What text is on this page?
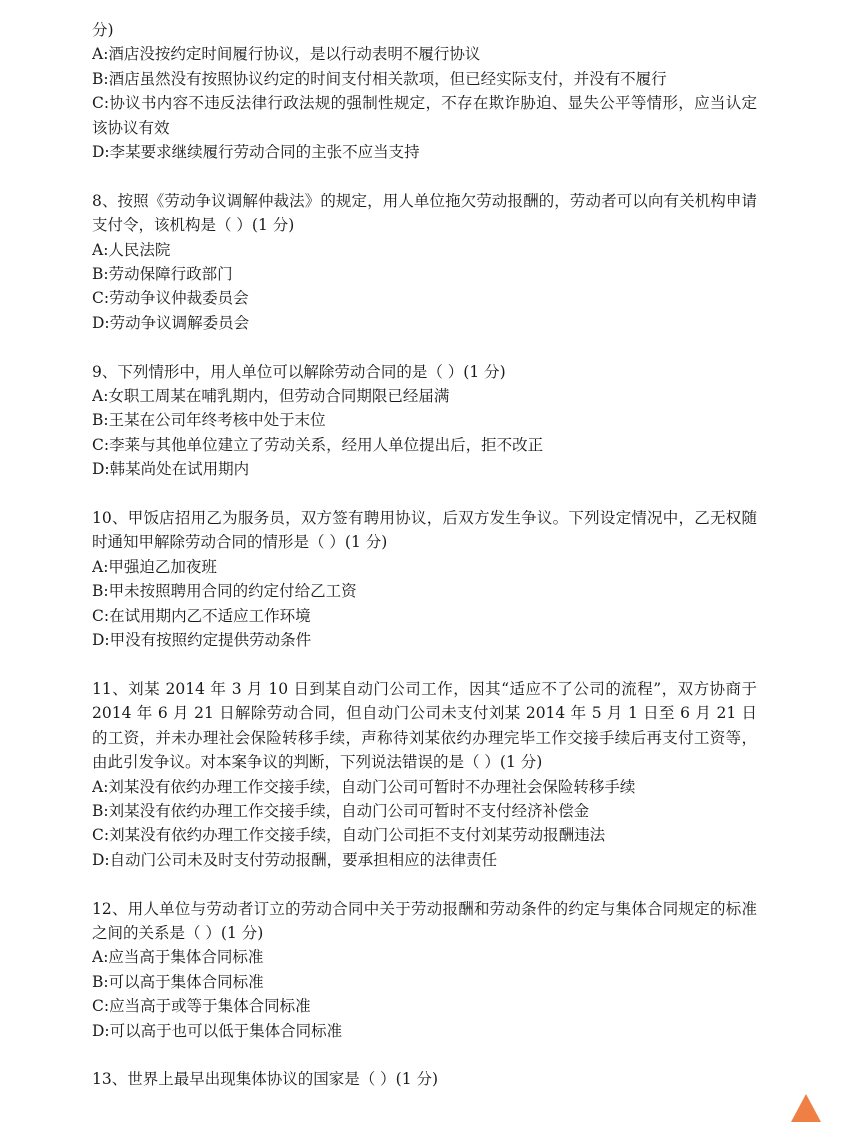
分)
A:酒店没按约定时间履行协议，是以行动表明不履行协议
B:酒店虽然没有按照协议约定的时间支付相关款项，但已经实际支付，并没有不履行
C:协议书内容不违反法律行政法规的强制性规定，不存在欺诈胁迫、显失公平等情形，应当认定该协议有效
D:李某要求继续履行劳动合同的主张不应当支持
8、按照《劳动争议调解仲裁法》的规定，用人单位拖欠劳动报酬的，劳动者可以向有关机构申请支付令，该机构是（ ）(1 分)
A:人民法院
B:劳动保障行政部门
C:劳动争议仲裁委员会
D:劳动争议调解委员会
9、下列情形中，用人单位可以解除劳动合同的是（ ）(1 分)
A:女职工周某在哺乳期内，但劳动合同期限已经届满
B:王某在公司年终考核中处于末位
C:李莱与其他单位建立了劳动关系，经用人单位提出后，拒不改正
D:韩某尚处在试用期内
10、甲饭店招用乙为服务员，双方签有聘用协议，后双方发生争议。下列设定情况中，乙无权随时通知甲解除劳动合同的情形是（ ）(1 分)
A:甲强迫乙加夜班
B:甲未按照聘用合同的约定付给乙工资
C:在试用期内乙不适应工作环境
D:甲没有按照约定提供劳动条件
11、刘某 2014 年 3 月 10 日到某自动门公司工作，因其“适应不了公司的流程”，双方协商于 2014 年 6 月 21 日解除劳动合同，但自动门公司未支付刘某 2014 年 5 月 1 日至 6 月 21 日的工资，并未办理社会保险转移手续，声称待刘某依约办理完毕工作交接手续后再支付工资等，由此引发争议。对本案争议的判断，下列说法错误的是（ ）(1 分)
A:刘某没有依约办理工作交接手续，自动门公司可暂时不办理社会保险转移手续
B:刘某没有依约办理工作交接手续，自动门公司可暂时不支付经济补偿金
C:刘某没有依约办理工作交接手续，自动门公司拒不支付刘某劳动报酬违法
D:自动门公司未及时支付劳动报酬，要承担相应的法律责任
12、用人单位与劳动者订立的劳动合同中关于劳动报酬和劳动条件的约定与集体合同规定的标准之间的关系是（ ）(1 分)
A:应当高于集体合同标准
B:可以高于集体合同标准
C:应当高于或等于集体合同标准
D:可以高于也可以低于集体合同标准
13、世界上最早出现集体协议的国家是（ ）(1 分)
